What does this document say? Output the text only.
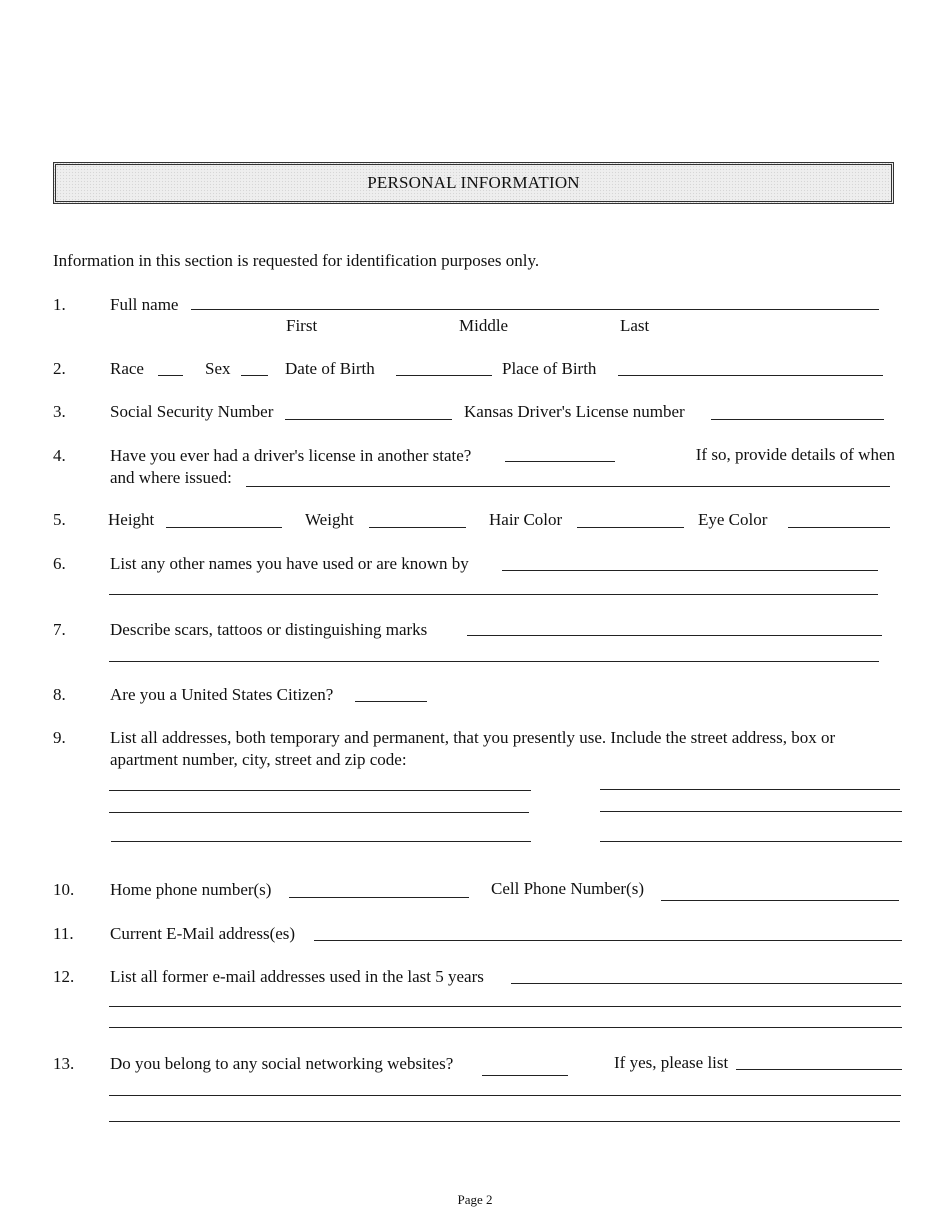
PERSONAL INFORMATION
Information in this section is requested for identification purposes only.
1.	Full name
First	Middle	Last
2.	Race	Sex	Date of Birth	Place of Birth
3.	Social Security Number	Kansas Driver's License number
4.	Have you ever had a driver's license in another state?	If so, provide details of when
and where issued:
5. Height	Weight	Hair Color	Eye Color
6.	List any other names you have used or are known by
7.	Describe scars, tattoos or distinguishing marks
8.	Are you a United States Citizen?
9.	List all addresses, both temporary and permanent, that you presently use. Include the street address, box or
apartment number, city, street and zip code:
10. Home phone number(s)	Cell Phone Number(s)
11. Current E-Mail address(es)
12. List all former e-mail addresses used in the last 5 years
13. Do you belong to any social networking websites?	If yes, please list
Page 2
